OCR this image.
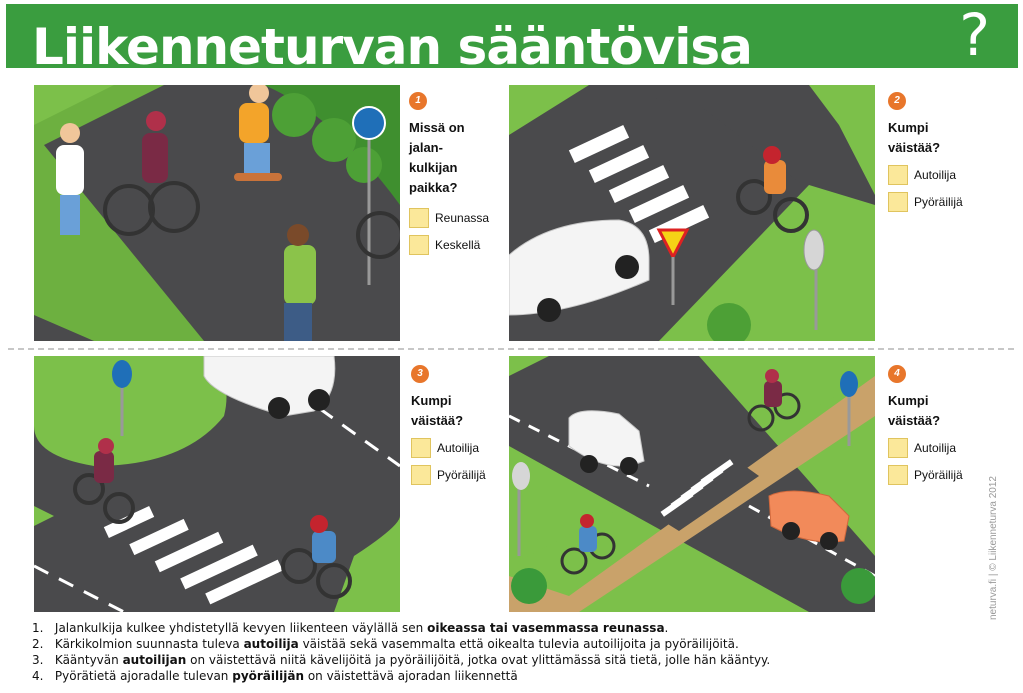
Liikenneturvan sääntövisa	?
1
Missä on
jalan-
kulkijan
paikka?
Reunassa
Keskellä
2
Kumpi
väistää?
Autoilija
Pyöräilijä
3
Kumpi
väistää?
Autoilija
Pyöräilijä
4
Kumpi
väistää?
Autoilija
Pyöräilijä
neturva.fi | © Liikenneturva 2012
1. Jalankulkija kulkee yhdistetyllä kevyen liikenteen väylällä sen oikeassa tai vasemmassa reunassa.
2. Kärkikolmion suunnasta tuleva autoilija väistää sekä vasemmalta että oikealta tulevia autoilijoita ja pyöräilijöitä.
3. Kääntyvän autoilijan on väistettävä niitä kävelijöitä ja pyöräilijöitä, jotka ovat ylittämässä sitä tietä, jolle hän kääntyy.
4. Pyörätietä ajoradalle tulevan pyöräilijän on väistettävä ajoradan liikennettä
